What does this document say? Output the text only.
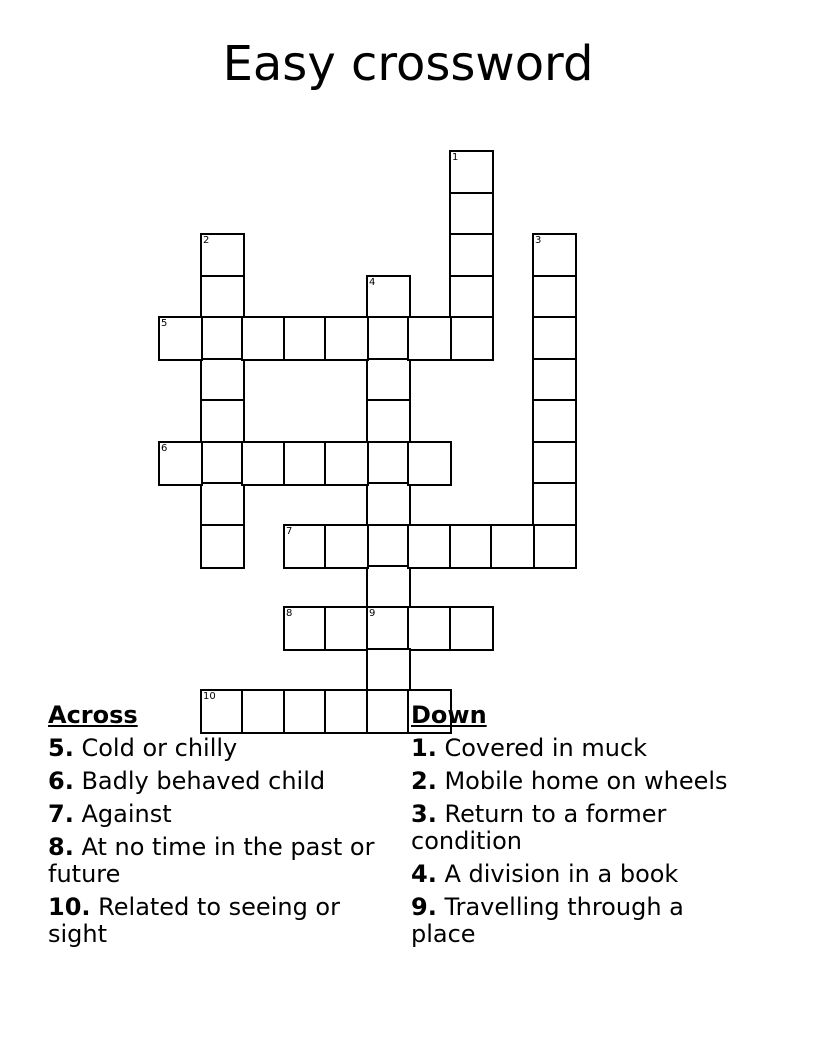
Easy crossword
1
2	3
4
5
6
7
8	9
10
Across
5. Cold or chilly
6. Badly behaved child
7. Against
8. At no time in the past or future
10. Related to seeing or sight
Down
1. Covered in muck
2. Mobile home on wheels
3. Return to a former condition
4. A division in a book
9. Travelling through a place
